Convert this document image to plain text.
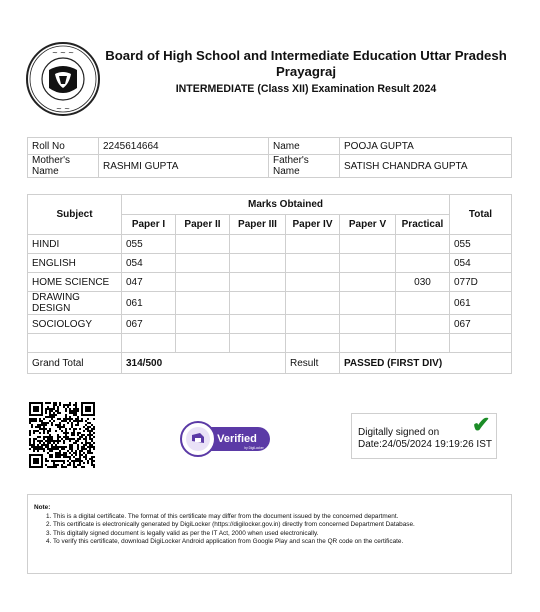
~ ~ ~
~ ~
Board of High School and Intermediate Education Uttar Pradesh
Prayagraj
INTERMEDIATE (Class XII) Examination Result 2024
Roll No	2245614664	Name	POOJA GUPTA
Mother's Name	RASHMI GUPTA	Father's Name	SATISH CHANDRA GUPTA
Subject	Marks Obtained						Total
	Paper I	Paper II	Paper III	Paper IV	Paper V	Practical	
HINDI	055						055
ENGLISH	054						054
HOME SCIENCE	047					030	077D
DRAWING DESIGN	061						061
SOCIOLOGY	067						067

Grand Total	314/500			Result	PASSED (FIRST DIV)		
Verified
by DigiLocker
✔
Digitally signed on
Date:24/05/2024 19:19:26 IST
Note:
1. This is a digital certificate. The format of this certificate may differ from the document issued by the concerned department.
2. This certificate is electronically generated by DigiLocker (https://digilocker.gov.in) directly from concerned Department Database.
3. This digitally signed document is legally valid as per the IT Act, 2000 when used electronically.
4. To verify this certificate, download DigiLocker Android application from Google Play and scan the QR code on the certificate.
